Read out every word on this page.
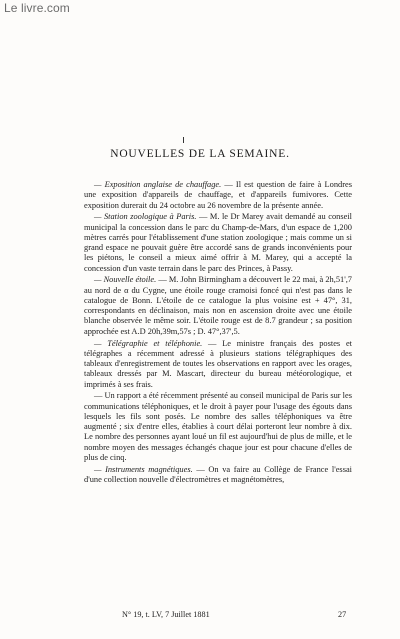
Le livre.com
NOUVELLES DE LA SEMAINE.

— Exposition anglaise de chauffage. — Il est question de faire à Londres une exposition d'appareils de chauffage, et d'appareils fumivores. Cette exposition durerait du 24 octobre au 26 novembre de la présente année.

— Station zoologique à Paris. — M. le Dr Marey avait demandé au conseil municipal la concession dans le parc du Champ-de-Mars, d'un espace de 1,200 mètres carrés pour l'établissement d'une station zoologique ; mais comme un si grand espace ne pouvait guère être accordé sans de grands inconvénients pour les piétons, le conseil a mieux aimé offrir à M. Marey, qui a accepté la concession d'un vaste terrain dans le parc des Princes, à Passy.

— Nouvelle étoile. — M. John Birmingham a découvert le 22 mai, à 2h,51',7 au nord de α du Cygne, une étoile rouge cramoisi foncé qui n'est pas dans le catalogue de Bonn. L'étoile de ce catalogue la plus voisine est + 47°, 31, correspondants en déclinaison, mais non en ascension droite avec une étoile blanche observée le même soir. L'étoile rouge est de 8.7 grandeur ; sa position approchée est A.D 20h,39m,57s ; D. 47°,37',5.

— Télégraphie et téléphonie. — Le ministre français des postes et télégraphes a récemment adressé à plusieurs stations télégraphiques des tableaux d'enregistrement de toutes les observations en rapport avec les orages, tableaux dressés par M. Mascart, directeur du bureau météorologique, et imprimés à ses frais.

— Un rapport a été récemment présenté au conseil municipal de Paris sur les communications téléphoniques, et le droit à payer pour l'usage des égouts dans lesquels les fils sont posés. Le nombre des salles téléphoniques va être augmenté ; six d'entre elles, établies à court délai porteront leur nombre à dix. Le nombre des personnes ayant loué un fil est aujourd'hui de plus de mille, et le nombre moyen des messages échangés chaque jour est pour chacune d'elles de plus de cinq.

— Instruments magnétiques. — On va faire au Collège de France l'essai d'une collection nouvelle d'électromètres et magnétomètres,

N° 19, t. LV, 7 Juillet 1881	27
